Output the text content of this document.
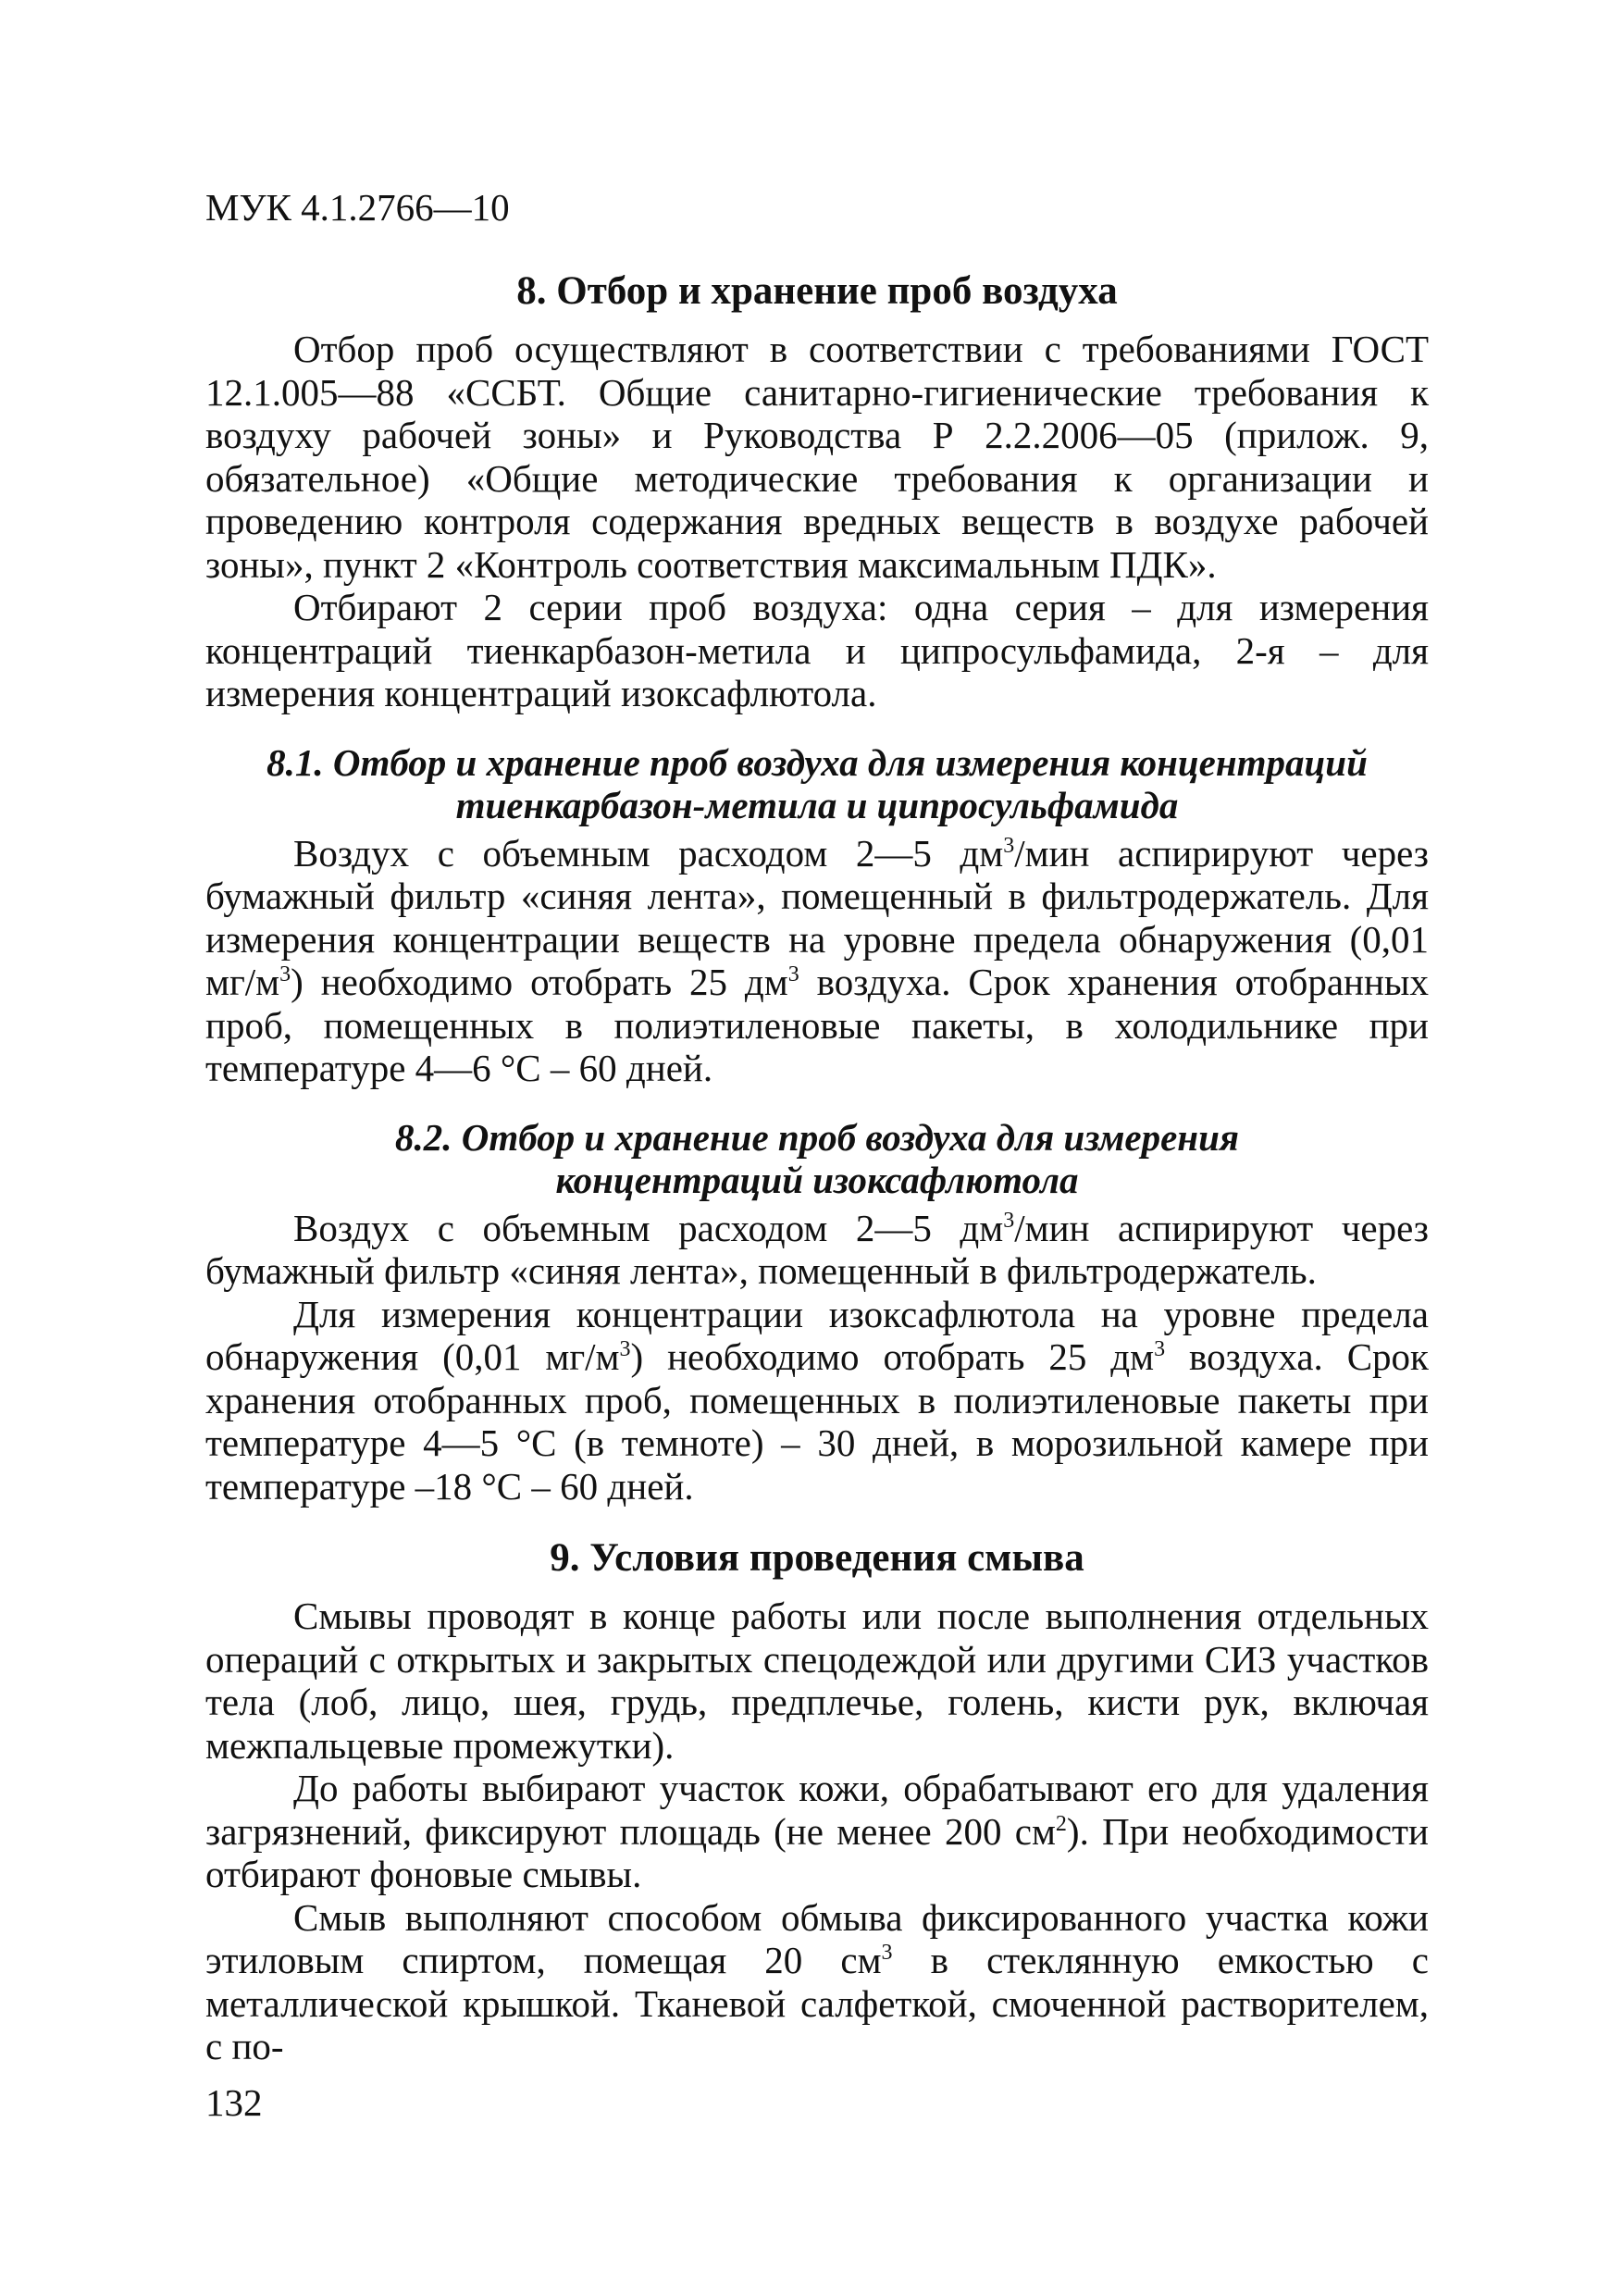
МУК 4.1.2766—10
8. Отбор и хранение проб воздуха

Отбор проб осуществляют в соответствии с требованиями ГОСТ 12.1.005—88 «ССБТ. Общие санитарно-гигиенические требования к воздуху рабочей зоны» и Руководства Р 2.2.2006—05 (прилож. 9, обязательное) «Общие методические требования к организации и проведению контроля содержания вредных веществ в воздухе рабочей зоны», пункт 2 «Контроль соответствия максимальным ПДК».

Отбирают 2 серии проб воздуха: одна серия – для измерения концентраций тиенкарбазон-метила и ципросульфамида, 2-я – для измерения концентраций изоксафлютола.

8.1. Отбор и хранение проб воздуха для измерения концентраций
тиенкарбазон-метила и ципросульфамида

Воздух с объемным расходом 2—5 $дм^3$/мин аспирируют через бумажный фильтр «синяя лента», помещенный в фильтродержатель. Для измерения концентрации веществ на уровне предела обнаружения (0,01 $мг/м^3$) необходимо отобрать 25 $дм^3$ воздуха. Срок хранения отобранных проб, помещенных в полиэтиленовые пакеты, в холодильнике при температуре 4—6 °С – 60 дней.

8.2. Отбор и хранение проб воздуха для измерения
концентраций изоксафлютола

Воздух с объемным расходом 2—5 $дм^3$/мин аспирируют через бумажный фильтр «синяя лента», помещенный в фильтродержатель.

Для измерения концентрации изоксафлютола на уровне предела обнаружения (0,01 $мг/м^3$) необходимо отобрать 25 $дм^3$ воздуха. Срок хранения отобранных проб, помещенных в полиэтиленовые пакеты при температуре 4—5 °С (в темноте) – 30 дней, в морозильной камере при температуре –18 °С – 60 дней.

9. Условия проведения смыва

Смывы проводят в конце работы или после выполнения отдельных операций с открытых и закрытых спецодеждой или другими СИЗ участков тела (лоб, лицо, шея, грудь, предплечье, голень, кисти рук, включая межпальцевые промежутки).

До работы выбирают участок кожи, обрабатывают его для удаления загрязнений, фиксируют площадь (не менее 200 $см^2$). При необходимости отбирают фоновые смывы.

Смыв выполняют способом обмыва фиксированного участка кожи этиловым спиртом, помещая 20 $см^3$ в стеклянную емкостью с металлической крышкой. Тканевой салфеткой, смоченной растворителем, с по-

132
